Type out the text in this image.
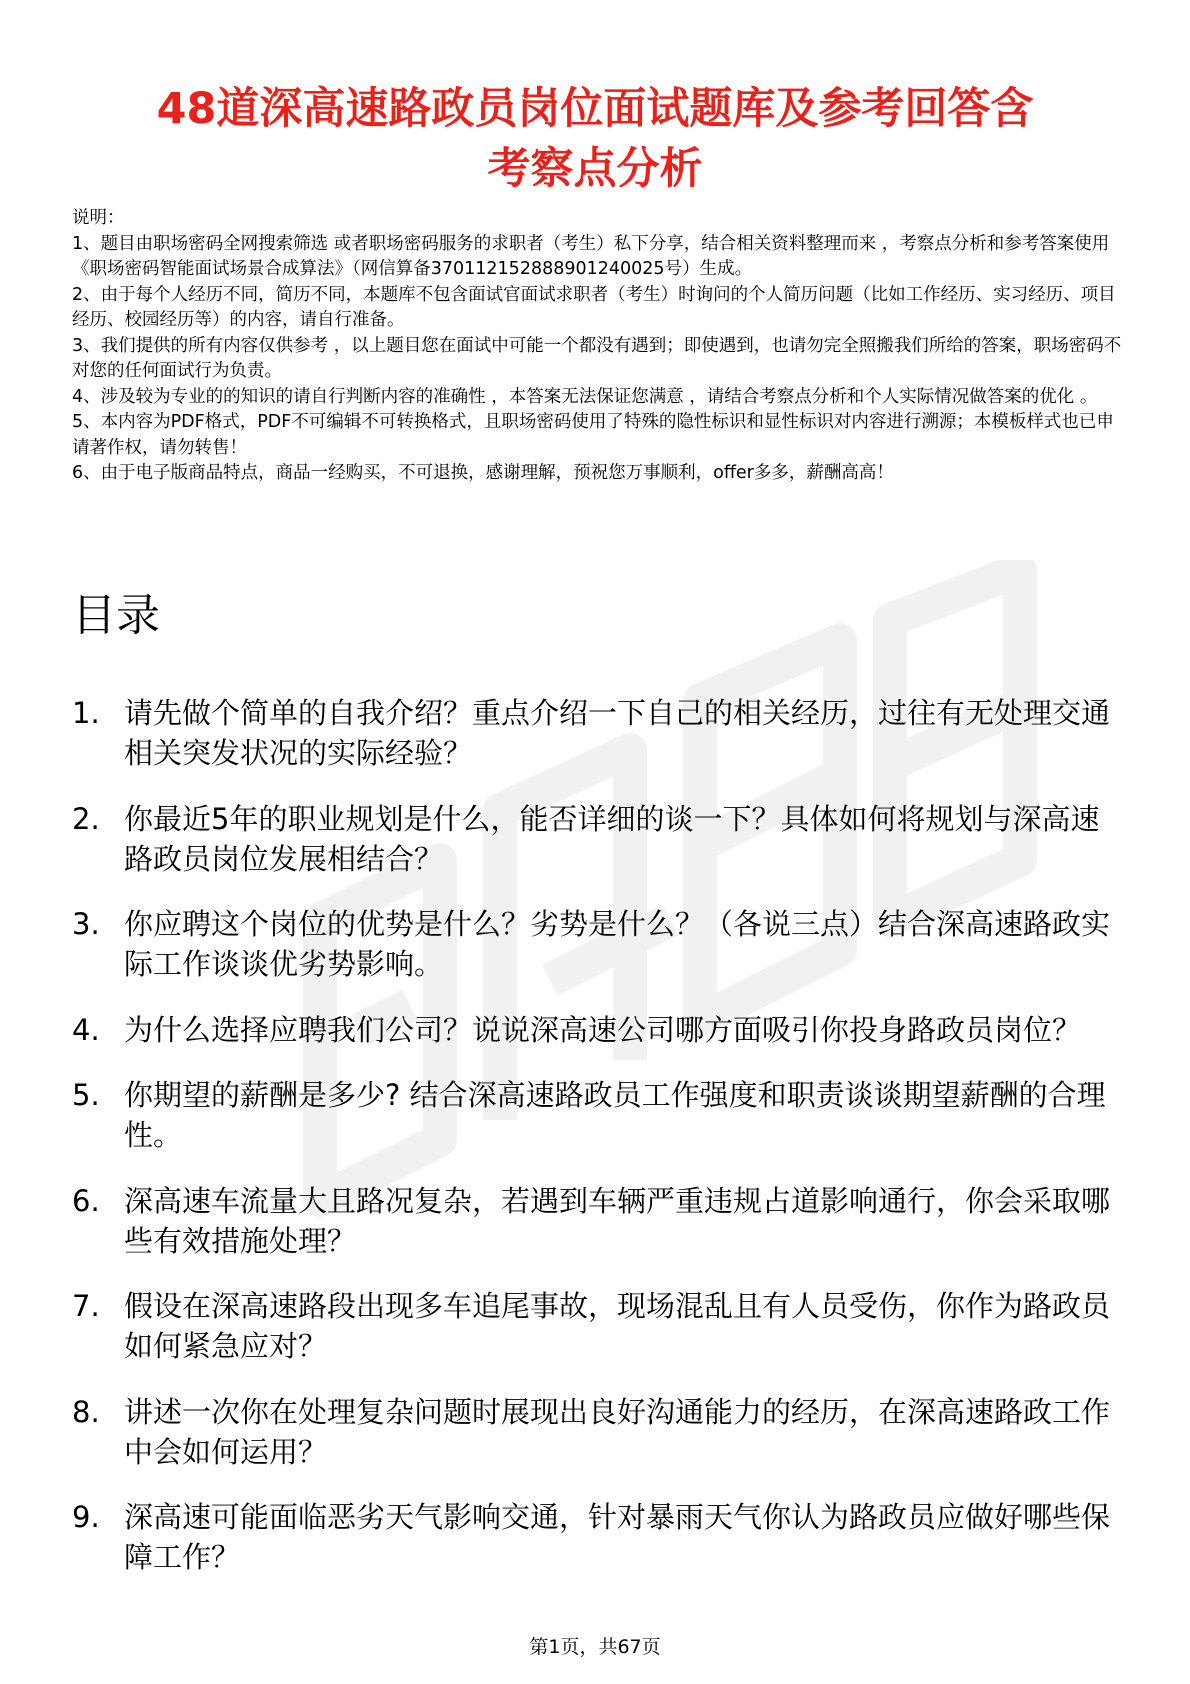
48道深高速路政员岗位面试题库及参考回答含
考察点分析

说明：

1、题目由职场密码全网搜索筛选 或者职场密码服务的求职者（考生）私下分享，结合相关资料整理而来 ，考察点分析和参考答案使用《职场密码智能面试场景合成算法》（网信算备370112152888901240025号）生成。

2、由于每个人经历不同，简历不同，本题库不包含面试官面试求职者（考生）时询问的个人简历问题（比如工作经历、实习经历、项目经历、校园经历等）的内容，请自行准备。

3、我们提供的所有内容仅供参考 ，以上题目您在面试中可能一个都没有遇到；即使遇到，也请勿完全照搬我们所给的答案，职场密码不对您的任何面试行为负责。

4、涉及较为专业的的知识的请自行判断内容的准确性 ，本答案无法保证您满意 ，请结合考察点分析和个人实际情况做答案的优化 。

5、本内容为PDF格式，PDF不可编辑不可转换格式，且职场密码使用了特殊的隐性标识和显性标识对内容进行溯源；本模板样式也已申请著作权，请勿转售！

6、由于电子版商品特点，商品一经购买，不可退换，感谢理解，预祝您万事顺利，offer多多，薪酬高高！

目录
1. 请先做个简单的自我介绍？重点介绍一下自己的相关经历，过往有无处理交通相关突发状况的实际经验？
2. 你最近5年的职业规划是什么，能否详细的谈一下？具体如何将规划与深高速路政员岗位发展相结合？
3. 你应聘这个岗位的优势是什么？劣势是什么？（各说三点）结合深高速路政实际工作谈谈优劣势影响。
4. 为什么选择应聘我们公司？说说深高速公司哪方面吸引你投身路政员岗位？
5. 你期望的薪酬是多少? 结合深高速路政员工作强度和职责谈谈期望薪酬的合理性。
6. 深高速车流量大且路况复杂，若遇到车辆严重违规占道影响通行，你会采取哪些有效措施处理？
7. 假设在深高速路段出现多车追尾事故，现场混乱且有人员受伤，你作为路政员如何紧急应对？
8. 讲述一次你在处理复杂问题时展现出良好沟通能力的经历，在深高速路政工作中会如何运用？
9. 深高速可能面临恶劣天气影响交通，针对暴雨天气你认为路政员应做好哪些保障工作？
第1页，共67页
